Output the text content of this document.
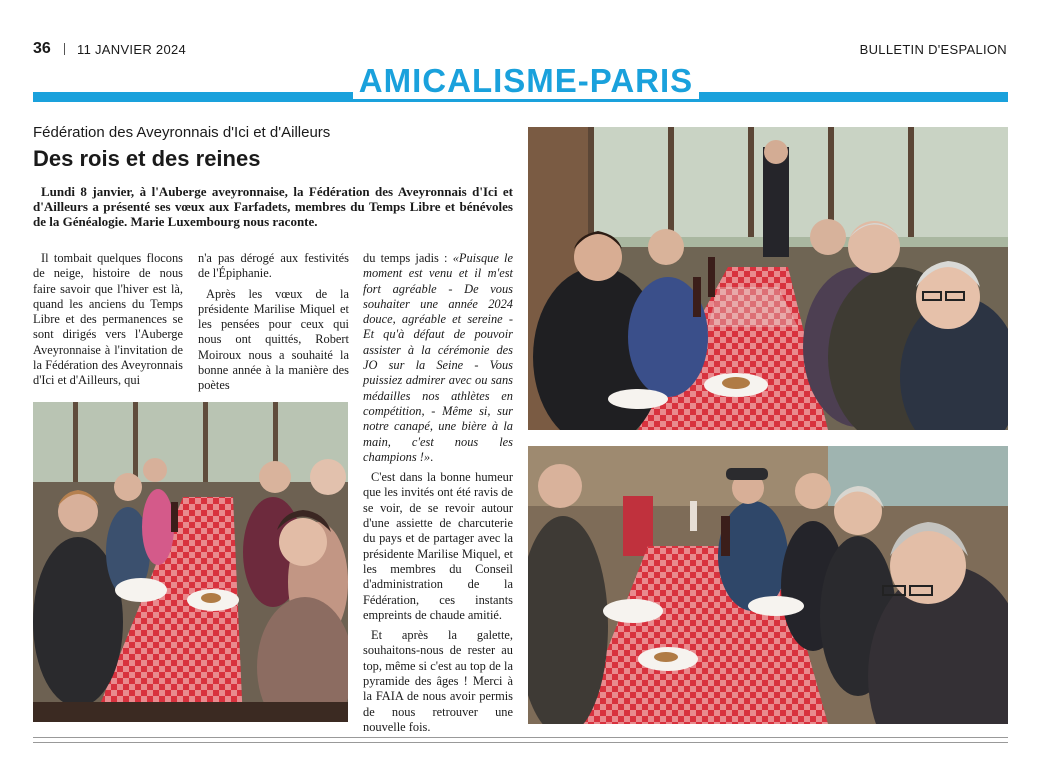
36 11 JANVIER 2024	BULLETIN D'ESPALION
AMICALISME-PARIS
Fédération des Aveyronnais d'Ici et d'Ailleurs
Des rois et des reines
Lundi 8 janvier, à l'Auberge aveyronnaise, la Fédération des Aveyronnais d'Ici et d'Ailleurs a présenté ses vœux aux Farfadets, membres du Temps Libre et bénévoles de la Généalogie. Marie Luxembourg nous raconte.

Il tombait quelques flocons de neige, histoire de nous faire savoir que l'hiver est là, quand les anciens du Temps Libre et des permanences se sont dirigés vers l'Auberge Aveyronnaise à l'invitation de la Fédération des Aveyronnais d'Ici et d'Ailleurs, qui

n'a pas dérogé aux festivités de l'Épiphanie.

Après les vœux de la présidente Marilise Miquel et les pensées pour ceux qui nous ont quittés, Robert Moiroux nous a souhaité la bonne année à la manière des poètes

du temps jadis : «Puisque le moment est venu et il m'est fort agréable - De vous souhaiter une année 2024 douce, agréable et sereine - Et qu'à défaut de pouvoir assister à la cérémonie des JO sur la Seine - Vous puissiez admirer avec ou sans médailles nos athlètes en compétition, - Même si, sur notre canapé, une bière à la main, c'est nous les champions !».

C'est dans la bonne humeur que les invités ont été ravis de se voir, de se revoir autour d'une assiette de charcuterie du pays et de partager avec la présidente Marilise Miquel, et les membres du Conseil d'administration de la Fédération, ces instants empreints de chaude amitié.

Et après la galette, souhaitons-nous de rester au top, même si c'est au top de la pyramide des âges ! Merci à la FAIA de nous avoir permis de nous retrouver une nouvelle fois.
